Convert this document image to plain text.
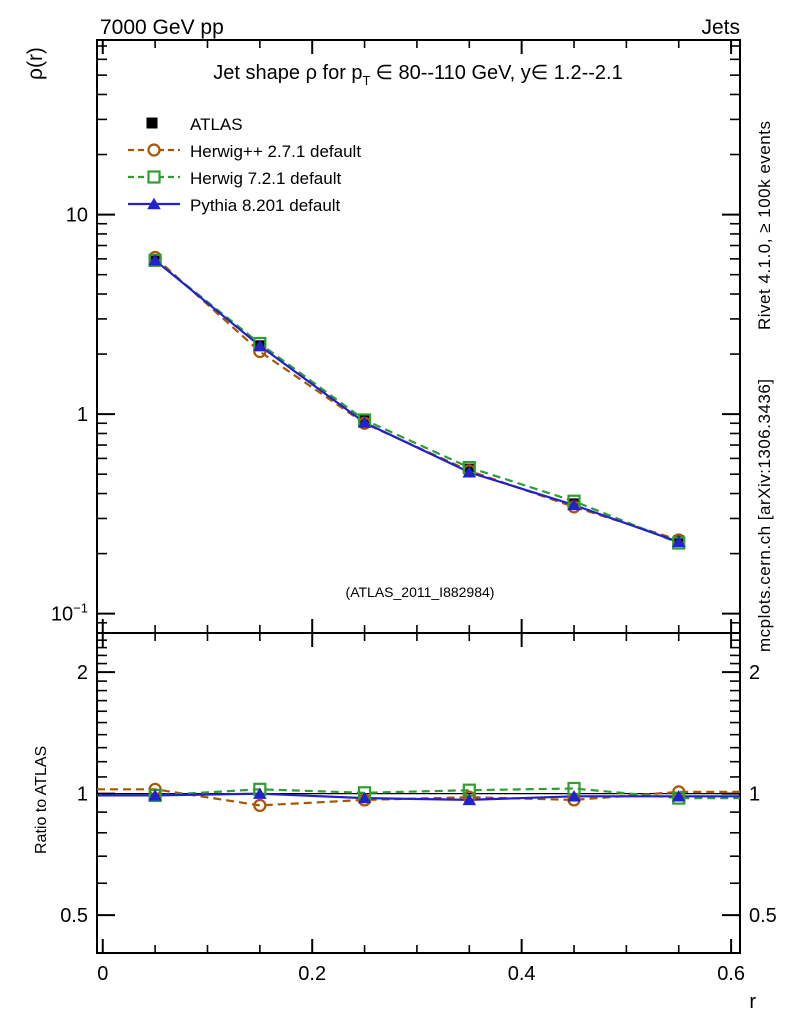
0	0.2	0.4	0.6
10
1
$10^{-1}$
2	2
1	1
0.5	0.5
7000 GeV pp	Jets
Jet shape ρ for $p_T$ ∈ 80--110 GeV, y∈ 1.2--2.1
ρ(r)
Ratio to ATLAS
Rivet 4.1.0, ≥ 100k events
mcplots.cern.ch [arXiv:1306.3436]
(ATLAS_2011_I882984)
r
ATLAS
Herwig++ 2.7.1 default
Herwig 7.2.1 default
Pythia 8.201 default
